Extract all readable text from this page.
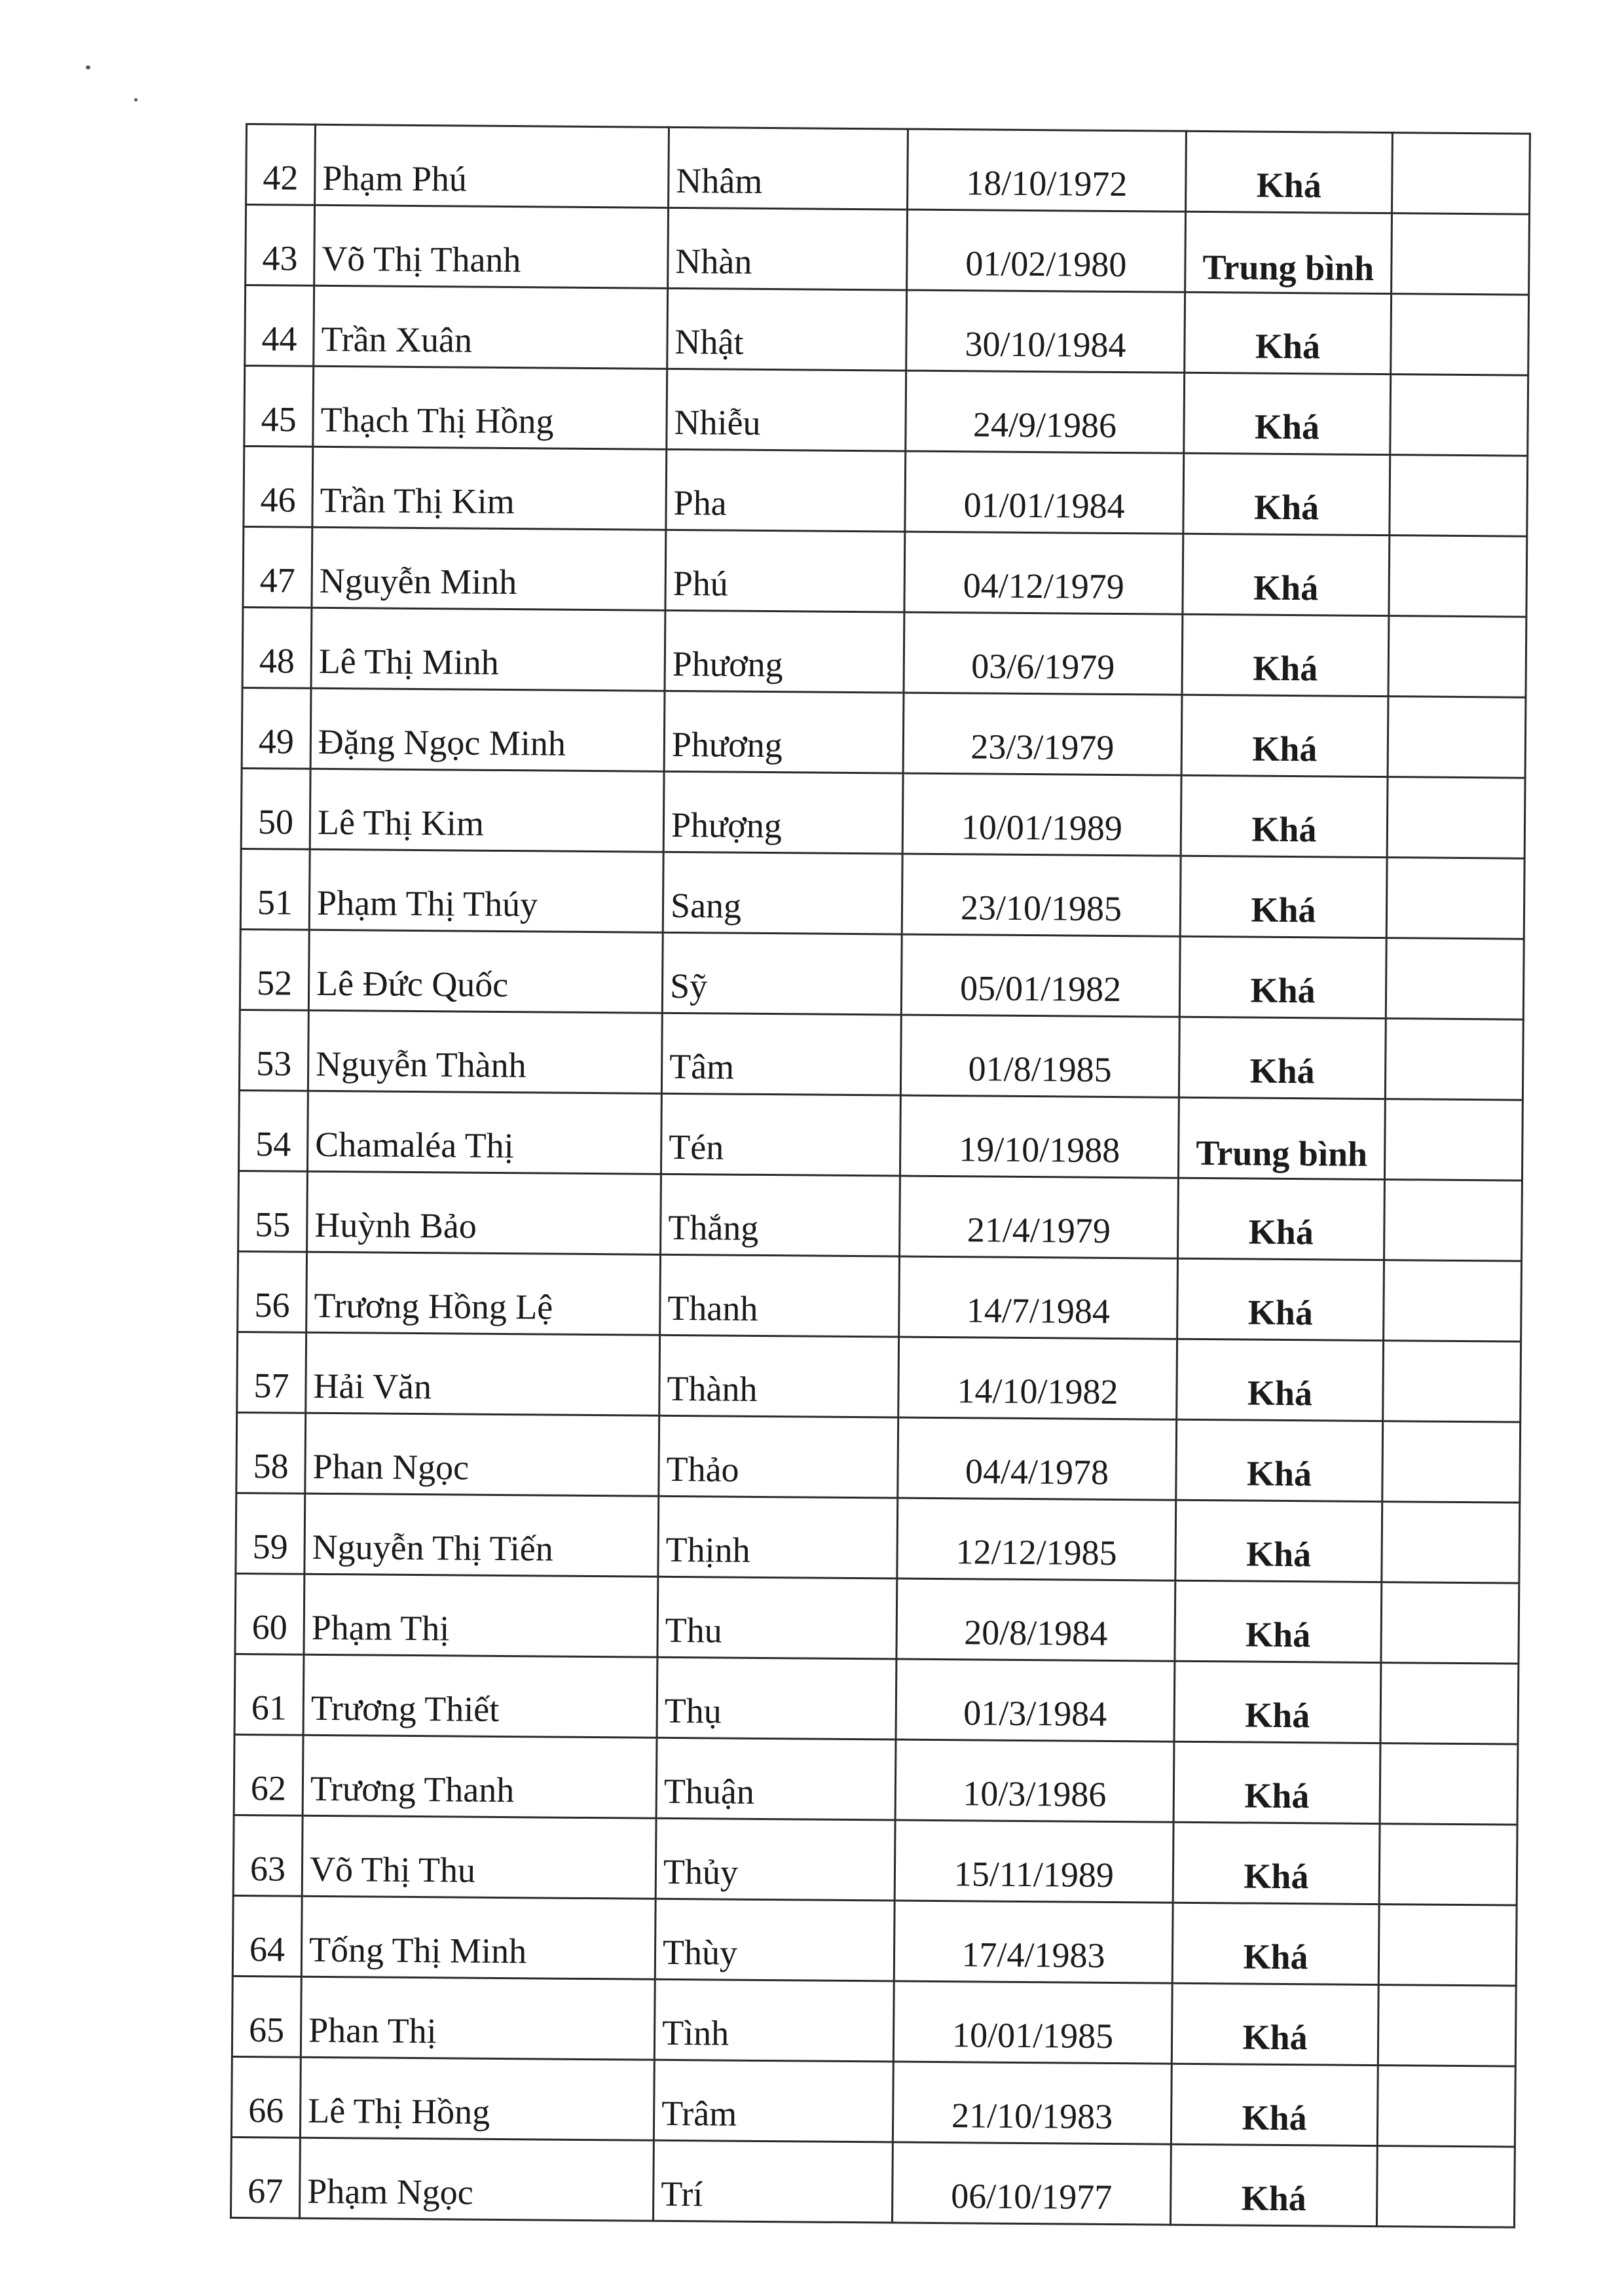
42	Phạm Phú	Nhâm	18/10/1972	Khá	
43	Võ Thị Thanh	Nhàn	01/02/1980	Trung bình	
44	Trần Xuân	Nhật	30/10/1984	Khá	
45	Thạch Thị Hồng	Nhiễu	24/9/1986	Khá	
46	Trần Thị Kim	Pha	01/01/1984	Khá	
47	Nguyễn Minh	Phú	04/12/1979	Khá	
48	Lê Thị Minh	Phương	03/6/1979	Khá	
49	Đặng Ngọc Minh	Phương	23/3/1979	Khá	
50	Lê Thị Kim	Phượng	10/01/1989	Khá	
51	Phạm Thị Thúy	Sang	23/10/1985	Khá	
52	Lê Đức Quốc	Sỹ	05/01/1982	Khá	
53	Nguyễn Thành	Tâm	01/8/1985	Khá	
54	Chamaléa Thị	Tén	19/10/1988	Trung bình	
55	Huỳnh Bảo	Thắng	21/4/1979	Khá	
56	Trương Hồng Lệ	Thanh	14/7/1984	Khá	
57	Hải Văn	Thành	14/10/1982	Khá	
58	Phan Ngọc	Thảo	04/4/1978	Khá	
59	Nguyễn Thị Tiến	Thịnh	12/12/1985	Khá	
60	Phạm Thị	Thu	20/8/1984	Khá	
61	Trương Thiết	Thụ	01/3/1984	Khá	
62	Trương Thanh	Thuận	10/3/1986	Khá	
63	Võ Thị Thu	Thủy	15/11/1989	Khá	
64	Tống Thị Minh	Thùy	17/4/1983	Khá	
65	Phan Thị	Tình	10/01/1985	Khá	
66	Lê Thị Hồng	Trâm	21/10/1983	Khá	
67	Phạm Ngọc	Trí	06/10/1977	Khá	
